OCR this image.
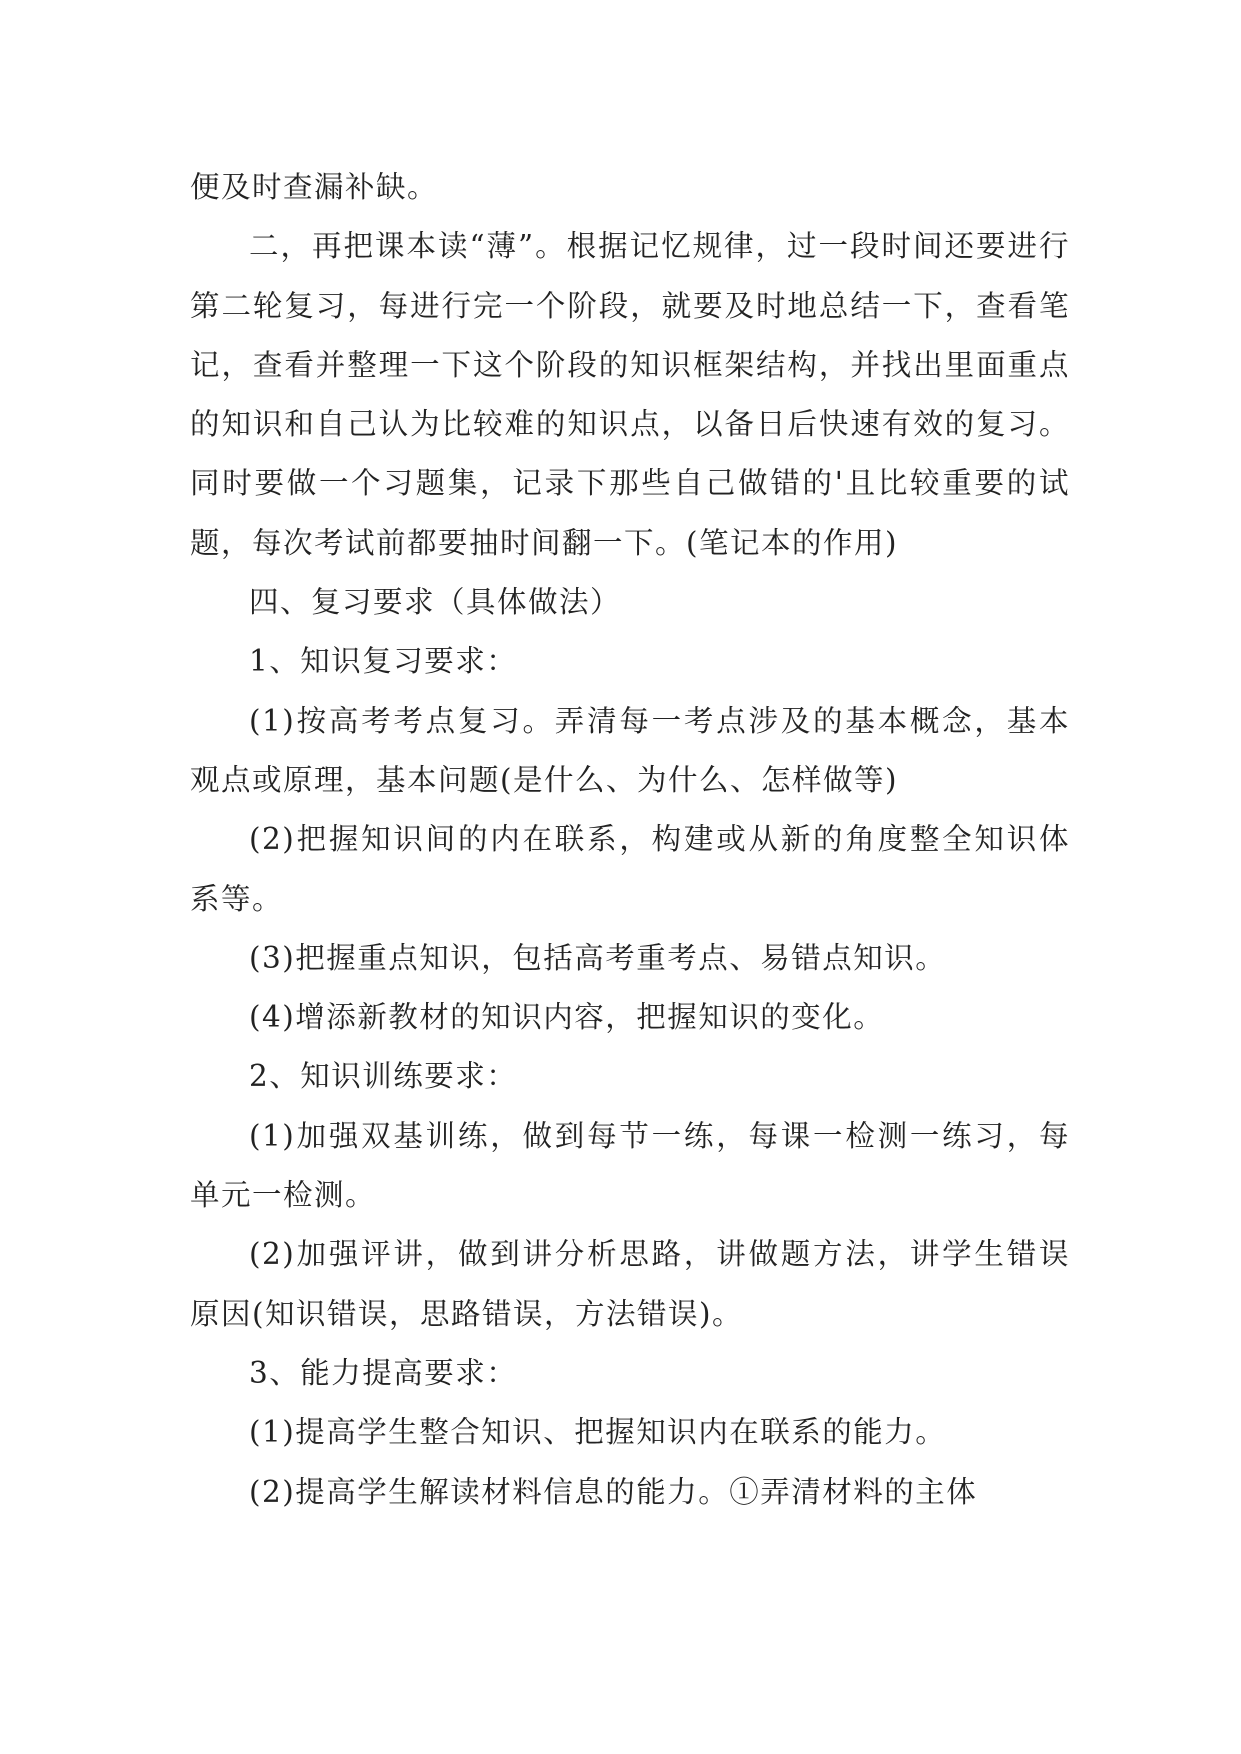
便及时查漏补缺。

二，再把课本读“薄”。根据记忆规律，过一段时间还要进行第二轮复习，每进行完一个阶段，就要及时地总结一下，查看笔记，查看并整理一下这个阶段的知识框架结构，并找出里面重点的知识和自己认为比较难的知识点，以备日后快速有效的复习。同时要做一个习题集，记录下那些自己做错的'且比较重要的试题，每次考试前都要抽时间翻一下。(笔记本的作用)

四、复习要求（具体做法）

1、知识复习要求：

(1)按高考考点复习。弄清每一考点涉及的基本概念，基本观点或原理，基本问题(是什么、为什么、怎样做等)

(2)把握知识间的内在联系，构建或从新的角度整全知识体系等。

(3)把握重点知识，包括高考重考点、易错点知识。

(4)增添新教材的知识内容，把握知识的变化。

2、知识训练要求：

(1)加强双基训练，做到每节一练，每课一检测一练习，每单元一检测。

(2)加强评讲，做到讲分析思路，讲做题方法，讲学生错误原因(知识错误，思路错误，方法错误)。

3、能力提高要求：

(1)提高学生整合知识、把握知识内在联系的能力。

(2)提高学生解读材料信息的能力。①弄清材料的主体
